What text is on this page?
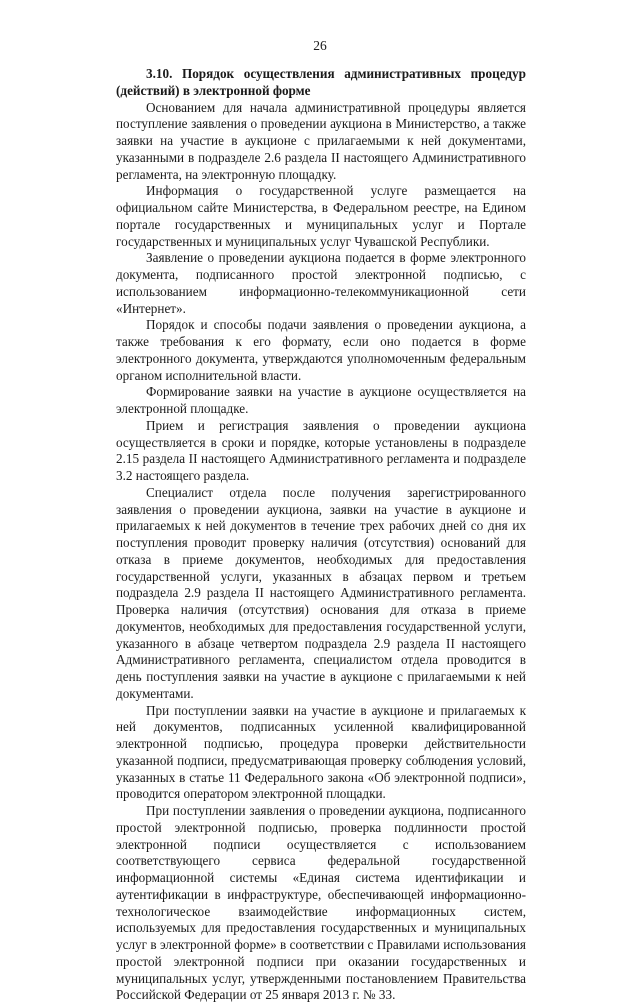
26

3.10. Порядок осуществления административных процедур (действий) в электронной форме

Основанием для начала административной процедуры является поступление заявления о проведении аукциона в Министерство, а также заявки на участие в аукционе с прилагаемыми к ней документами, указанными в подразделе 2.6 раздела II настоящего Административного регламента, на электронную площадку.

Информация о государственной услуге размещается на официальном сайте Министерства, в Федеральном реестре, на Едином портале государственных и муниципальных услуг и Портале государственных и муниципальных услуг Чувашской Республики.

Заявление о проведении аукциона подается в форме электронного документа, подписанного простой электронной подписью, с использованием информационно-телекоммуникационной сети «Интернет».

Порядок и способы подачи заявления о проведении аукциона, а также требования к его формату, если оно подается в форме электронного документа, утверждаются уполномоченным федеральным органом исполнительной власти.

Формирование заявки на участие в аукционе осуществляется на электронной площадке.

Прием и регистрация заявления о проведении аукциона осуществляется в сроки и порядке, которые установлены в подразделе 2.15 раздела II настоящего Административного регламента и подразделе 3.2 настоящего раздела.

Специалист отдела после получения зарегистрированного заявления о проведении аукциона, заявки на участие в аукционе и прилагаемых к ней документов в течение трех рабочих дней со дня их поступления проводит проверку наличия (отсутствия) оснований для отказа в приеме документов, необходимых для предоставления государственной услуги, указанных в абзацах первом и третьем подраздела 2.9 раздела II настоящего Административного регламента. Проверка наличия (отсутствия) основания для отказа в приеме документов, необходимых для предоставления государственной услуги, указанного в абзаце четвертом подраздела 2.9 раздела II настоящего Административного регламента, специалистом отдела проводится в день поступления заявки на участие в аукционе с прилагаемыми к ней документами.

При поступлении заявки на участие в аукционе и прилагаемых к ней документов, подписанных усиленной квалифицированной электронной подписью, процедура проверки действительности указанной подписи, предусматривающая проверку соблюдения условий, указанных в статье 11 Федерального закона «Об электронной подписи», проводится оператором электронной площадки.

При поступлении заявления о проведении аукциона, подписанного простой электронной подписью, проверка подлинности простой электронной подписи осуществляется с использованием соответствующего сервиса федеральной государственной информационной системы «Единая система идентификации и аутентификации в инфраструктуре, обеспечивающей информационно-технологическое взаимодействие информационных систем, используемых для предоставления государственных и муниципальных услуг в электронной форме» в соответствии с Правилами использования простой электронной подписи при оказании государственных и муниципальных услуг, утвержденными постановлением Правительства Российской Федерации от 25 января 2013 г. № 33.
